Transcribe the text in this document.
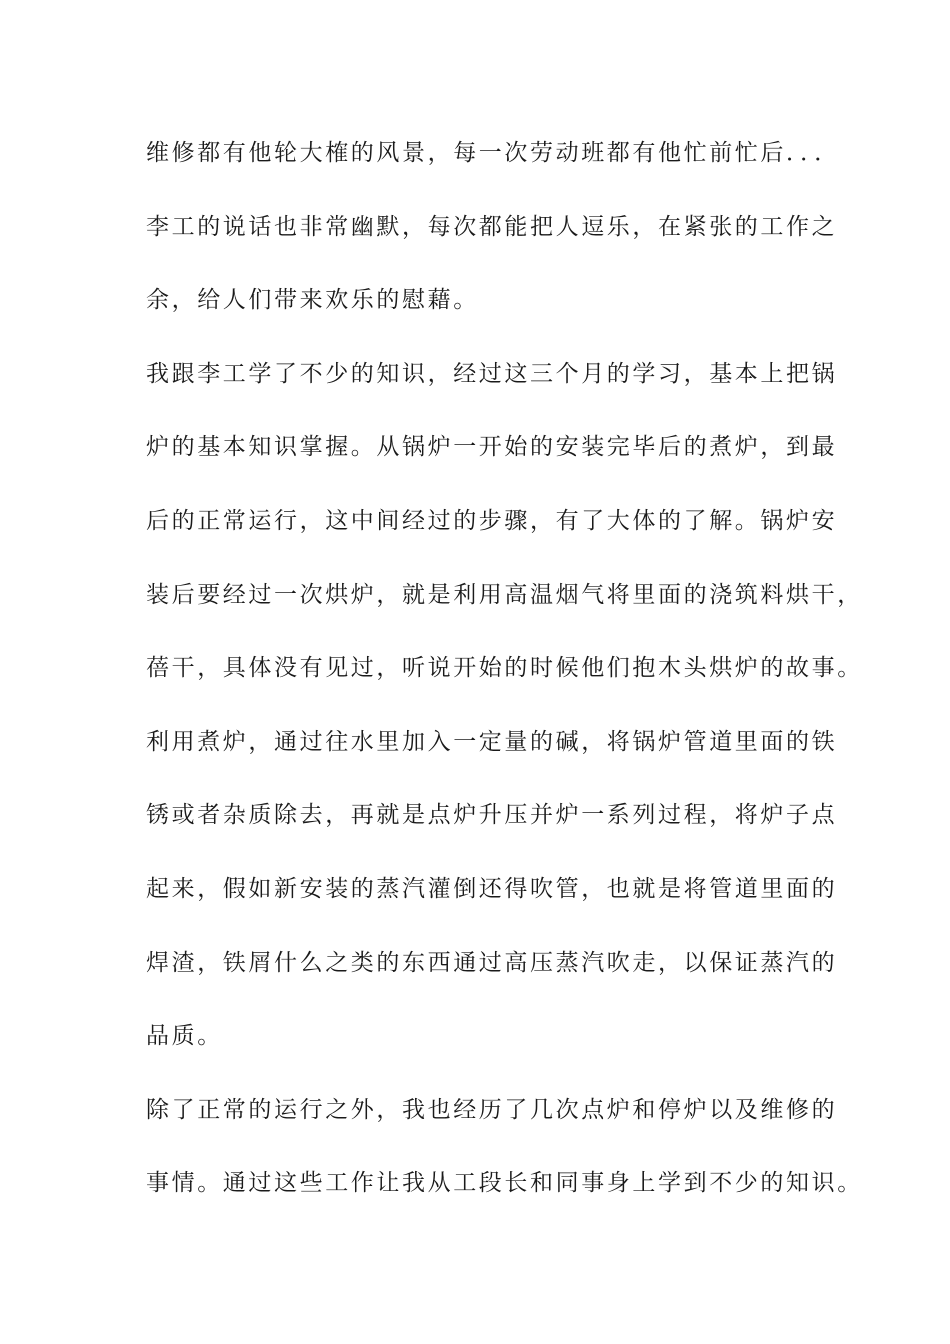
维修都有他轮大榷的风景，每一次劳动班都有他忙前忙后．．．
李工的说话也非常幽默，每次都能把人逗乐，在紧张的工作之
余，给人们带来欢乐的慰藉。
我跟李工学了不少的知识，经过这三个月的学习，基本上把锅
炉的基本知识掌握。从锅炉一开始的安装完毕后的煮炉，到最
后的正常运行，这中间经过的步骤，有了大体的了解。锅炉安
装后要经过一次烘炉，就是利用高温烟气将里面的浇筑料烘干，
蓓干，具体没有见过，听说开始的时候他们抱木头烘炉的故事。
利用煮炉，通过往水里加入一定量的碱，将锅炉管道里面的铁
锈或者杂质除去，再就是点炉升压并炉一系列过程，将炉子点
起来，假如新安装的蒸汽灌倒还得吹管，也就是将管道里面的
焊渣，铁屑什么之类的东西通过高压蒸汽吹走，以保证蒸汽的
品质。
除了正常的运行之外，我也经历了几次点炉和停炉以及维修的
事情。通过这些工作让我从工段长和同事身上学到不少的知识。
